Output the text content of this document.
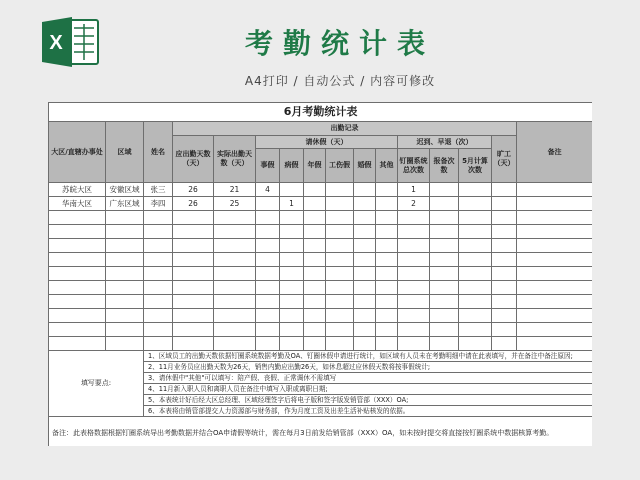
X	考勤统计表
A4打印 / 自动公式 / 内容可修改
6月考勤统计表															
大区/直辖办事处	区域	姓名	出勤记录												备注
			应出勤天数（天）	实际出勤天数（天）	请休假（天）						迟到、早退（次）			旷工（天）	
					事假	病假	年假	工伤假	婚假	其他	钉圈系统总次数	报备次数	5月计算次数		
苏皖大区	安徽区域	张三	26	21	4						1				
华南大区	广东区域	李四	26	25		1					2				

填写要点:		1、区域员工的出勤天数依据钉圈系统数据考勤及OA、钉圈休假申请进行统计，如区域有人员未在考勤明细中请在此表填写，并在备注中备注原因;													
		2、11月业务员应出勤天数为26天，销售内勤应出勤26天，如休息超过应休假天数将按事假统计;													
		3、请休假中"其他"可以填写：陪产假、丧假、正常调休不需填写													
		4、11月新入职人员和离职人员在备注中填写入职或离职日期;													
		5、本表统计好后经大区总经理、区域经理签字后将电子版和签字版发销管部（XXX）OA;													
		6、本表将由销管部提交人力资源部与财务部，作为月度工资及出差生活补贴核发的依据。													
备注：此表格数据根据钉圈系统导出考勤数据并结合OA申请假等统计，需在每月3日前发给销管部（XXX）OA，如未按时提交将直接按钉圈系统中数据核算考勤。															
